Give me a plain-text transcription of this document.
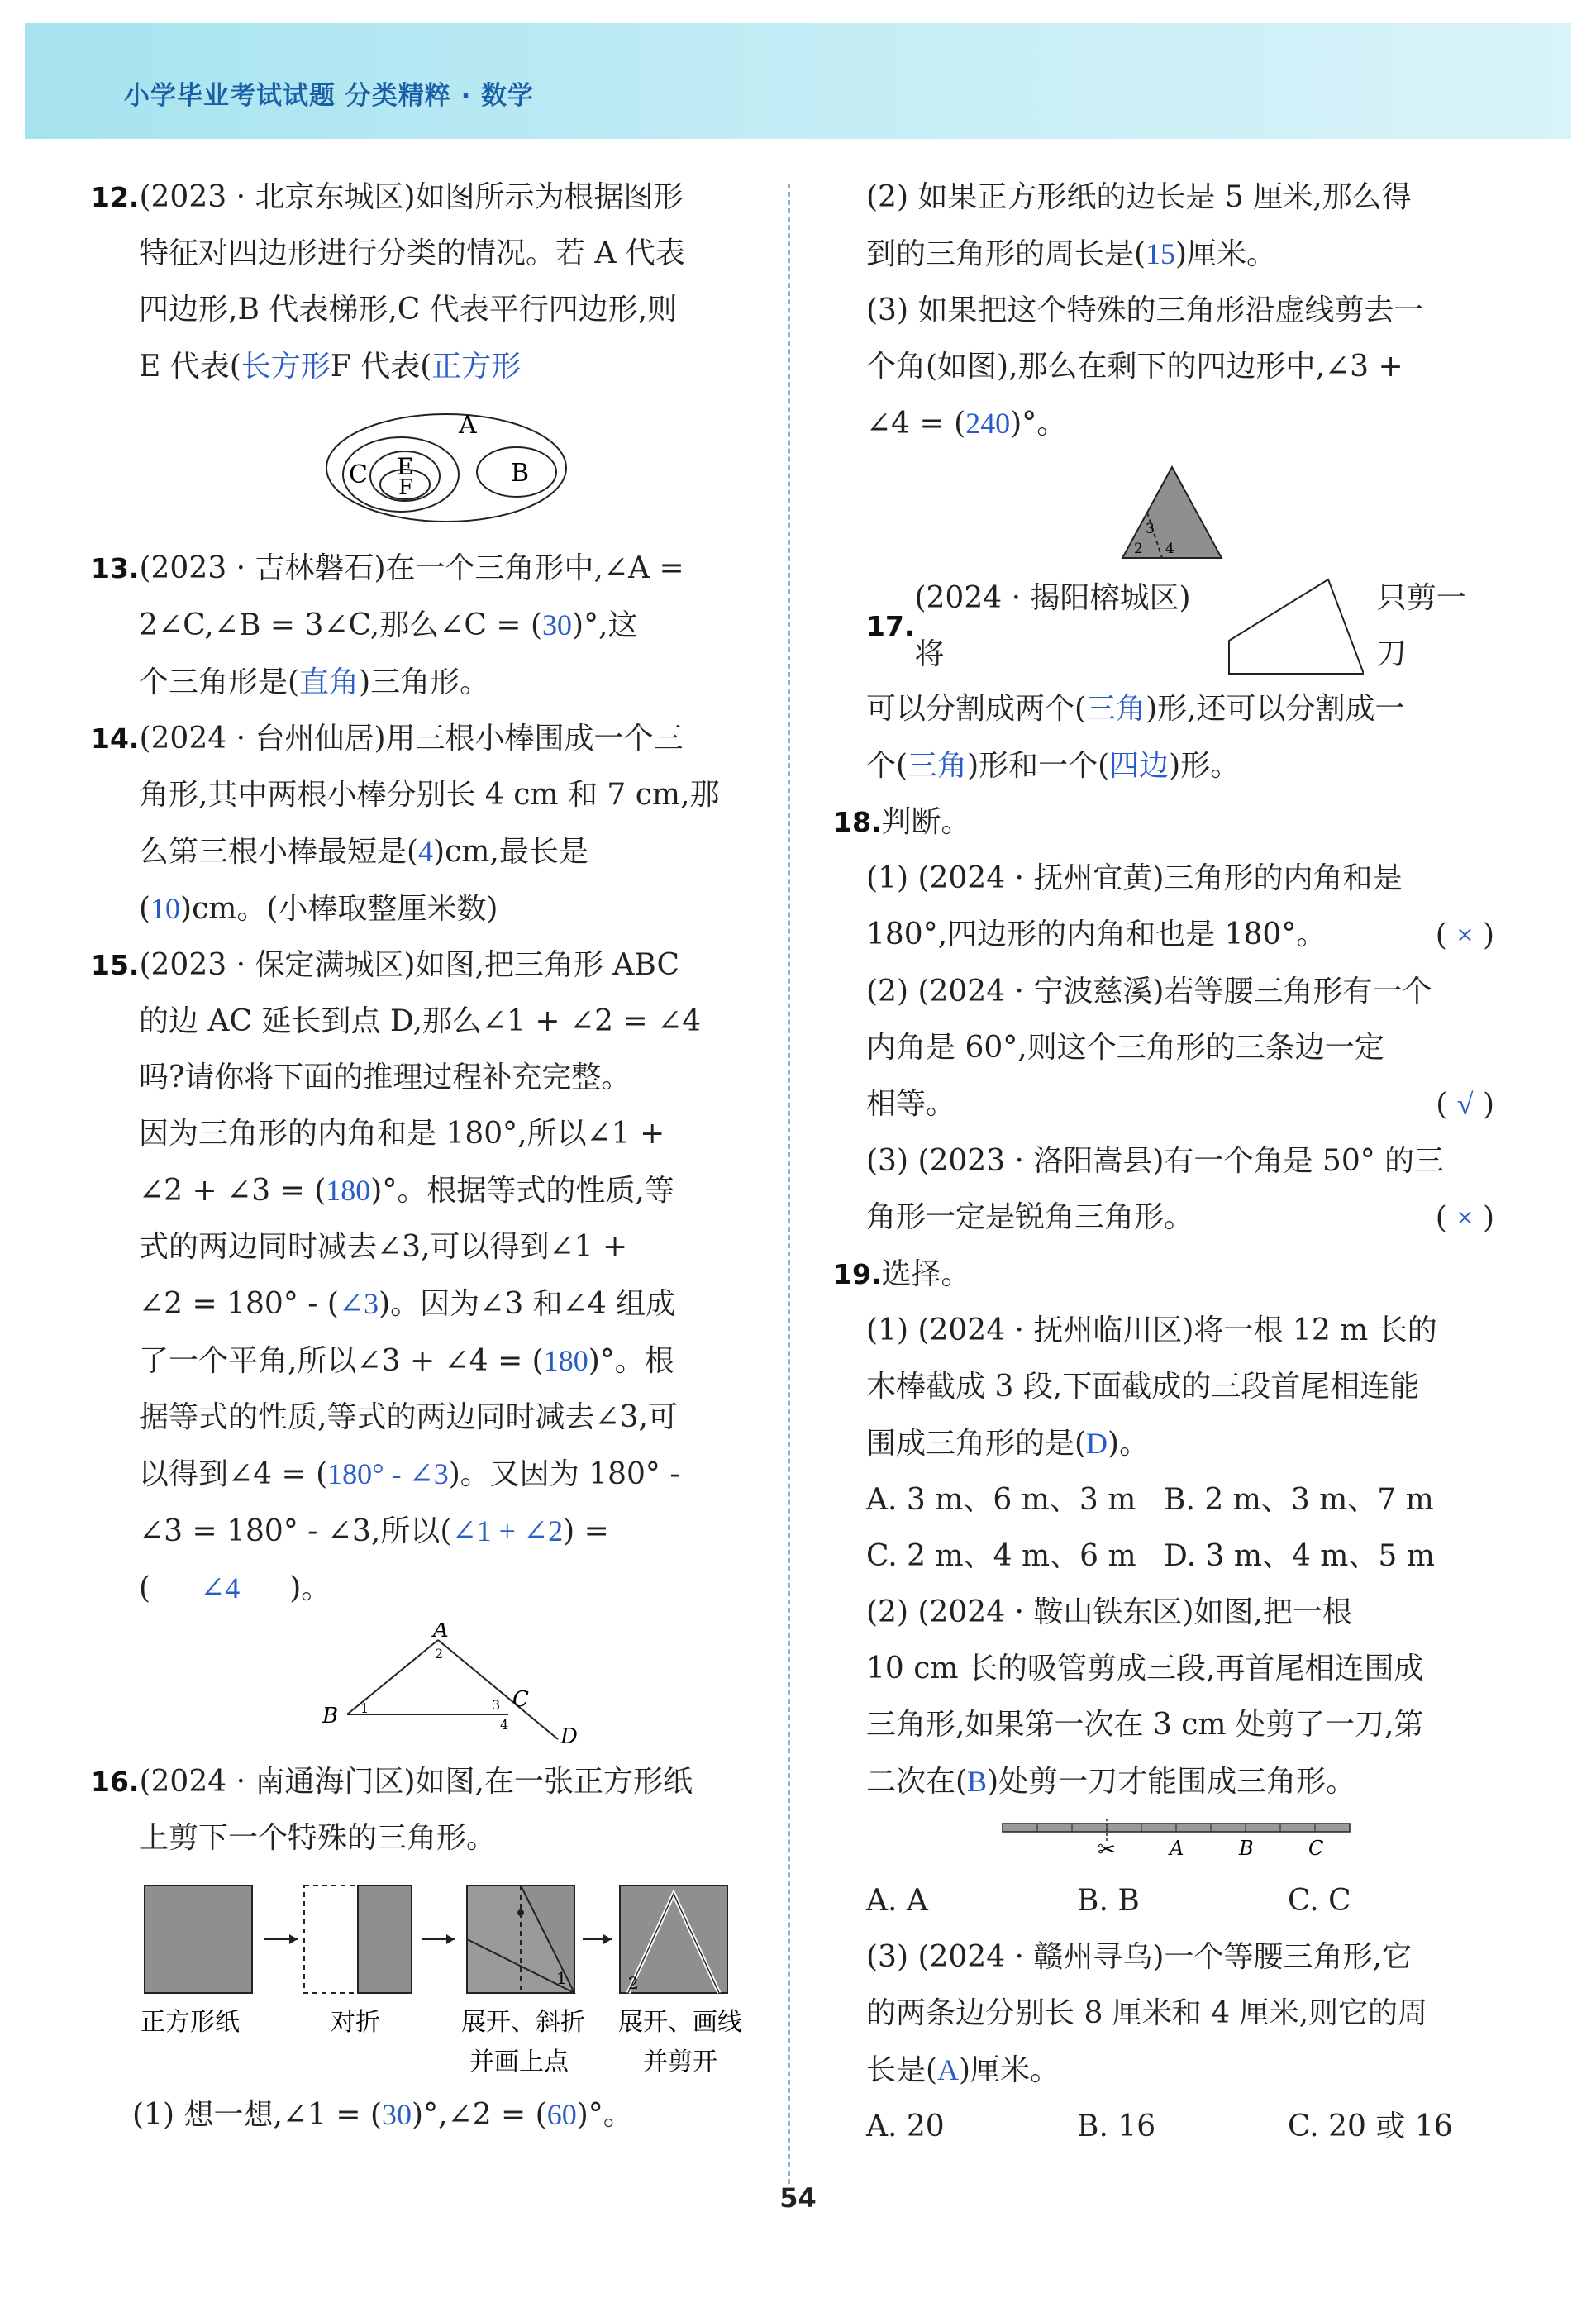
小学毕业考试试题 分类精粹 · 数学

12.(2023 · 北京东城区)如图所示为根据图形

特征对四边形进行分类的情况。若 A 代表

四边形,B 代表梯形,C 代表平行四边形,则

E 代表(长方形F 代表(正方形

A
B
C E
F

13.(2023 · 吉林磐石)在一个三角形中,∠A =

2∠C,∠B = 3∠C,那么∠C = (30)°,这

个三角形是(直角)三角形。

14.(2024 · 台州仙居)用三根小棒围成一个三

角形,其中两根小棒分别长 4 cm 和 7 cm,那

么第三根小棒最短是(4)cm,最长是

(10)cm。(小棒取整厘米数)

15.(2023 · 保定满城区)如图,把三角形 ABC

的边 AC 延长到点 D,那么∠1 + ∠2 = ∠4

吗?请你将下面的推理过程补充完整。

因为三角形的内角和是 180°,所以∠1 +

∠2 + ∠3 = (180)°。根据等式的性质,等

式的两边同时减去∠3,可以得到∠1 +

∠2 = 180° - (∠3)。因为∠3 和∠4 组成

了一个平角,所以∠3 + ∠4 = (180)°。根

据等式的性质,等式的两边同时减去∠3,可

以得到∠4 = (180° - ∠3)。又因为 180° -

∠3 = 180° - ∠3,所以(∠1 + ∠2) =

( ∠4 )。

A
B
C
D
1
2
3
4

16.(2024 · 南通海门区)如图,在一张正方形纸

上剪下一个特殊的三角形。

1	2
正方形纸	对折	展开、斜折
并画上点
展开、画线
并剪开

(1) 想一想,∠1 = (30)°,∠2 = (60)°。

(2) 如果正方形纸的边长是 5 厘米,那么得

到的三角形的周长是(15)厘米。

(3) 如果把这个特殊的三角形沿虚线剪去一

个角(如图),那么在剩下的四边形中,∠3 +

∠4 = (240)°。

3
2 4
17.
(2024 · 揭阳榕城区)将
只剪一刀

可以分割成两个(三角)形,还可以分割成一

个(三角)形和一个(四边)形。

18.判断。

(1) (2024 · 抚州宜黄)三角形的内角和是

180°,四边形的内角和也是 180°。	( × )

(2) (2024 · 宁波慈溪)若等腰三角形有一个

内角是 60°,则这个三角形的三条边一定

相等。	( √ )

(3) (2023 · 洛阳嵩县)有一个角是 50° 的三

角形一定是锐角三角形。	( × )

19.选择。

(1) (2024 · 抚州临川区)将一根 12 m 长的

木棒截成 3 段,下面截成的三段首尾相连能

围成三角形的是(D)。

A. 3 m、6 m、3 m B. 2 m、3 m、7 m

C. 2 m、4 m、6 m D. 3 m、4 m、5 m

(2) (2024 · 鞍山铁东区)如图,把一根

10 cm 长的吸管剪成三段,再首尾相连围成

三角形,如果第一次在 3 cm 处剪了一刀,第

二次在(B)处剪一刀才能围成三角形。

✂	A	B	C

A. A	B. B	C. C

(3) (2024 · 赣州寻乌)一个等腰三角形,它

的两条边分别长 8 厘米和 4 厘米,则它的周

长是(A)厘米。

A. 20	B. 16	C. 20 或 16

54
